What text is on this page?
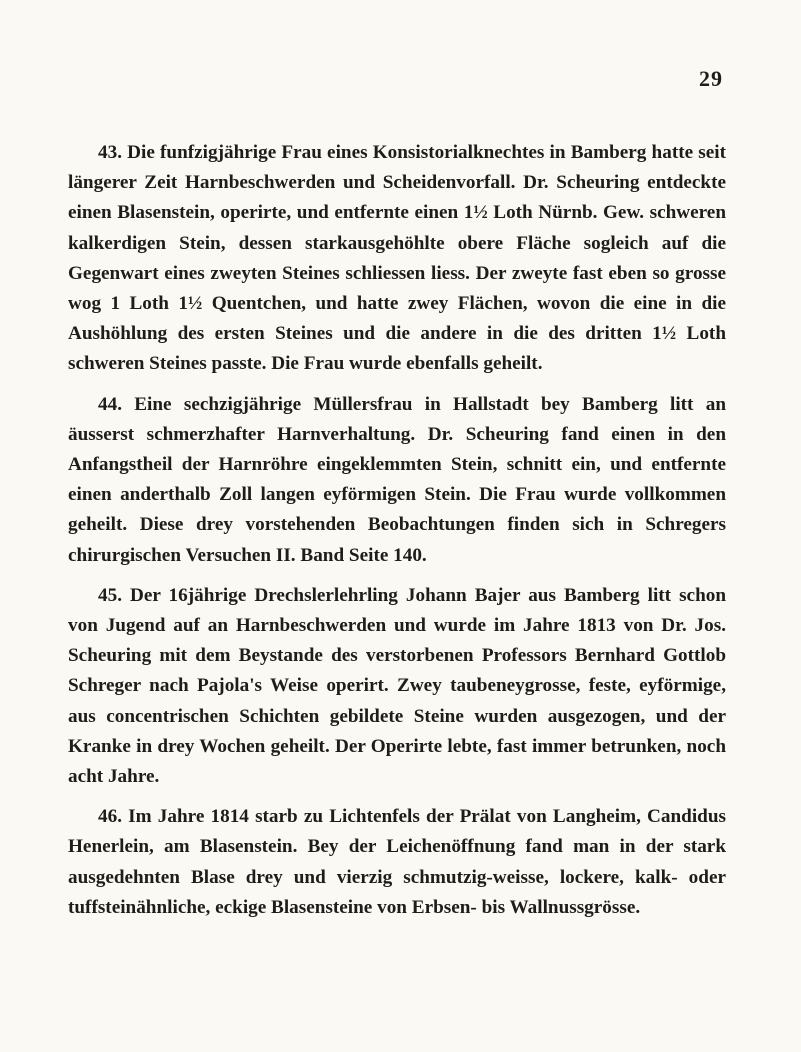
29

43. Die funfzigjährige Frau eines Konsistorialknechtes in Bamberg hatte seit längerer Zeit Harnbeschwerden und Scheidenvorfall. Dr. Scheuring entdeckte einen Blasenstein, operirte, und entfernte einen 1½ Loth Nürnb. Gew. schweren kalkerdigen Stein, dessen starkausgehöhlte obere Fläche sogleich auf die Gegenwart eines zweyten Steines schliessen liess. Der zweyte fast eben so grosse wog 1 Loth 1½ Quentchen, und hatte zwey Flächen, wovon die eine in die Aushöhlung des ersten Steines und die andere in die des dritten 1½ Loth schweren Steines passte. Die Frau wurde ebenfalls geheilt.

44. Eine sechzigjährige Müllersfrau in Hallstadt bey Bamberg litt an äusserst schmerzhafter Harnverhaltung. Dr. Scheuring fand einen in den Anfangstheil der Harnröhre eingeklemmten Stein, schnitt ein, und entfernte einen anderthalb Zoll langen eyförmigen Stein. Die Frau wurde vollkommen geheilt. Diese drey vorstehenden Beobachtungen finden sich in Schregers chirurgischen Versuchen II. Band Seite 140.

45. Der 16jährige Drechslerlehrling Johann Bajer aus Bamberg litt schon von Jugend auf an Harnbeschwerden und wurde im Jahre 1813 von Dr. Jos. Scheuring mit dem Beystande des verstorbenen Professors Bernhard Gottlob Schreger nach Pajola's Weise operirt. Zwey taubeneygrosse, feste, eyförmige, aus concentrischen Schichten gebildete Steine wurden ausgezogen, und der Kranke in drey Wochen geheilt. Der Operirte lebte, fast immer betrunken, noch acht Jahre.

46. Im Jahre 1814 starb zu Lichtenfels der Prälat von Langheim, Candidus Henerlein, am Blasenstein. Bey der Leichenöffnung fand man in der stark ausgedehnten Blase drey und vierzig schmutzig-weisse, lockere, kalk- oder tuffsteinähnliche, eckige Blasensteine von Erbsen- bis Wallnussgrösse.
